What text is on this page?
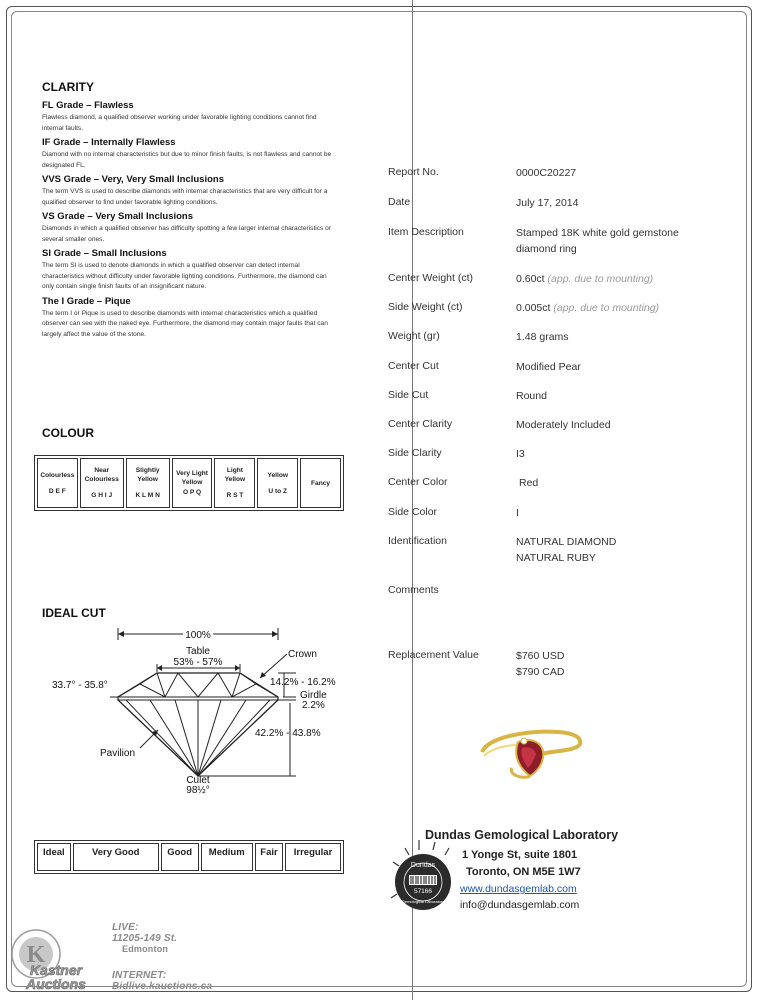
CLARITY
FL Grade – Flawless

Flawless diamond, a qualified observer working under favorable lighting conditions cannot find internal faults.

IF Grade – Internally Flawless

Diamond with no internal characteristics but due to minor finish faults, is not flawless and cannot be designated FL.

VVS Grade – Very, Very Small Inclusions

The term VVS is used to describe diamonds with internal characteristics that are very difficult for a qualified observer to find under favorable lighting conditions.

VS Grade – Very Small Inclusions

Diamonds in which a qualified observer has difficulty spotting a few larger internal characteristics or several smaller ones.

SI Grade – Small Inclusions

The term SI is used to denote diamonds in which a qualified observer can detect internal characteristics without difficulty under favorable lighting conditions. Furthermore, the diamond can only contain single finish faults of an insignificant nature.

The I Grade – Pique

The term I or Pique is used to describe diamonds with internal characteristics which a qualified observer can see with the naked eye. Furthermore, the diamond may contain major faults that can largely affect the value of the stone.

COLOUR
Colourless
D E F

Near Colourless
G H I J

Slightly Yellow
K L M N

Very Light Yellow
O P Q

Light Yellow
R S T

Yellow
U to Z

Fancy
IDEAL CUT
100%
Table
53% - 57%
Crown
33.7° - 35.8°	14.2% - 16.2%
Girdle
2.2%
42.2% - 43.8%
Pavilion
Culet
98½°
Ideal	Very Good	Good	Medium	Fair	Irregular
Report No.	0000C20227
Date	July 17, 2014
Item Description	Stamped 18K white gold gemstone
diamond ring
Center Weight (ct)	0.60ct (app. due to mounting)
Side Weight (ct)	0.005ct (app. due to mounting)
Weight (gr)	1.48 grams
Center Cut	Modified Pear
Side Cut	Round
Center Clarity	Moderately Included
Side Clarity	I3
Center Color	Red
Side Color	I
Identification	NATURAL DIAMOND
NATURAL RUBY
Comments
Replacement Value	$760 USD
$790 CAD
Dundas
57166
Gemological Laboratory
Dundas Gemological Laboratory
1 Yonge St, suite 1801
Toronto, ON M5E 1W7
www.dundasgemlab.com
info@dundasgemlab.com
K
Kastner
Auctions
LIVE:
11205-149 St.
Edmonton
INTERNET:
Bidlive.kauctions.ca
